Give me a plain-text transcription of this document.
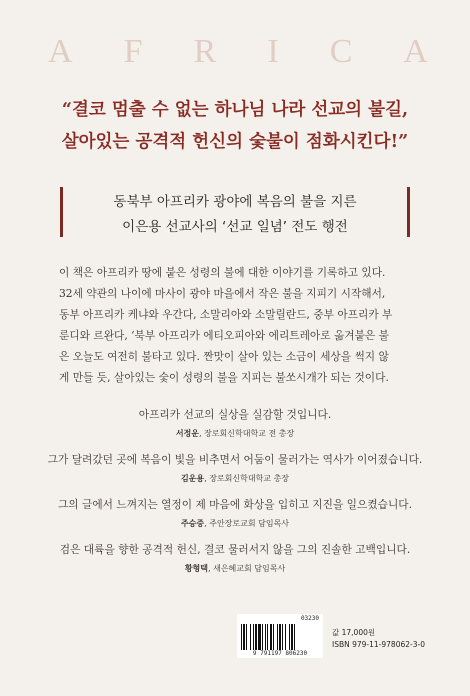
A F R I C A
“결코 멈출 수 없는 하나님 나라 선교의 불길,
살아있는 공격적 헌신의 숯불이 점화시킨다!”
동북부 아프리카 광야에 복음의 불을 지른
이은용 선교사의 ‘선교 일념’ 전도 행전
이 책은 아프리카 땅에 붙은 성령의 불에 대한 이야기를 기록하고 있다.
32세 약관의 나이에 마사이 광야 마을에서 작은 불을 지피기 시작해서,
동부 아프리카 케냐와 우간다, 소말리아와 소말릴란드, 중부 아프리카 부
룬디와 르완다, ‘북부 아프리카 에티오피아와 에리트레아로 옮겨붙은 불
은 오늘도 여전히 불타고 있다. 짠맛이 살아 있는 소금이 세상을 썩지 않
게 만들 듯, 살아있는 숯이 성령의 불을 지피는 불쏘시개가 되는 것이다.
아프리카 선교의 실상을 실감할 것입니다.
서정운, 장로회신학대학교 전 총장
그가 달려갔던 곳에 복음이 빛을 비추면서 어둠이 물러가는 역사가 이어졌습니다.
김운용, 장로회신학대학교 총장
그의 글에서 느껴지는 열정이 제 마음에 화상을 입히고 지진을 일으켰습니다.
주승중, 주안장로교회 담임목사
검은 대륙을 향한 공격적 헌신, 결코 물러서지 않을 그의 진솔한 고백입니다.
황형택, 새은혜교회 담임목사
03230
9 791197 806230
값 17,000원
ISBN 979-11-978062-3-0
